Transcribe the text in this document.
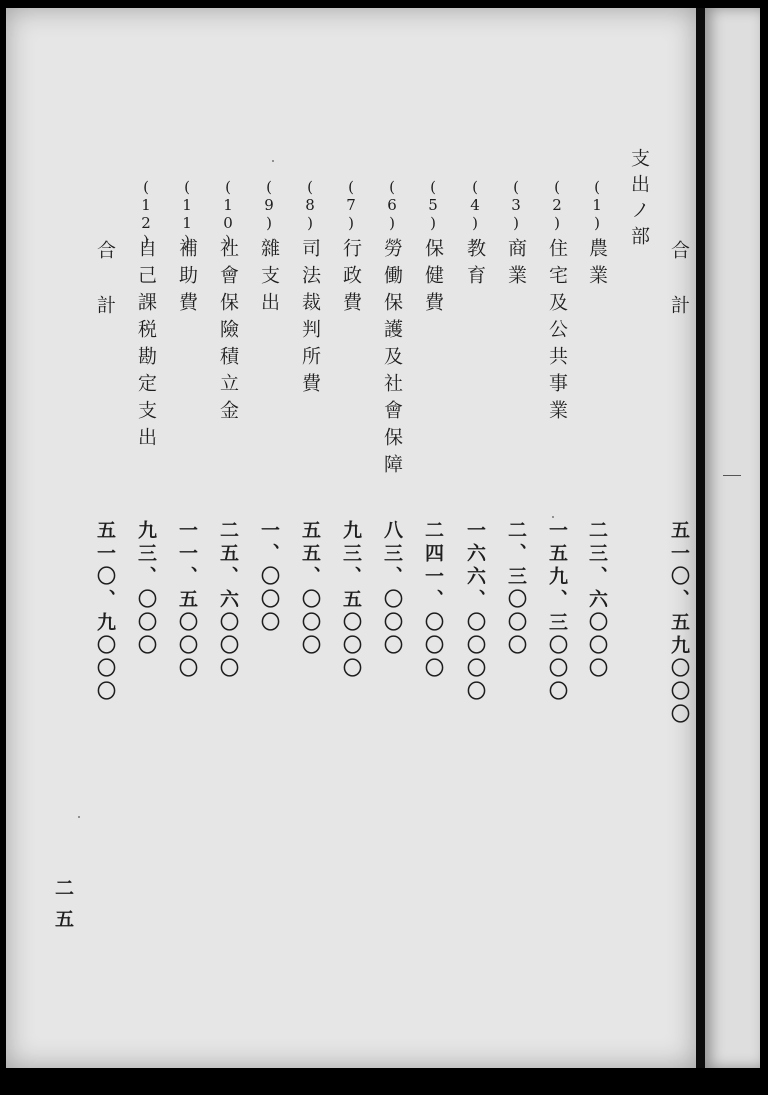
合計
五一〇、五九〇〇〇
支出ノ部
(1)
農業
二三、六〇〇〇
(2)
住宅及公共事業
一五九、三〇〇〇
(3)
商業
二、三〇〇〇
(4)
教育
一六六、〇〇〇〇
(5)
保健費
二四一、〇〇〇
(6)
勞働保護及社會保障
八三、〇〇〇
(7)
行政費
九三、五〇〇〇
(8)
司法裁判所費
五五、〇〇〇
(9)
雜支出
一、〇〇〇
(10)
社會保險積立金
二五、六〇〇〇
(11)
補助費
一一、五〇〇〇
(12)
自己課税勘定支出
九三、〇〇〇
合計
五一〇、九〇〇〇
二五
